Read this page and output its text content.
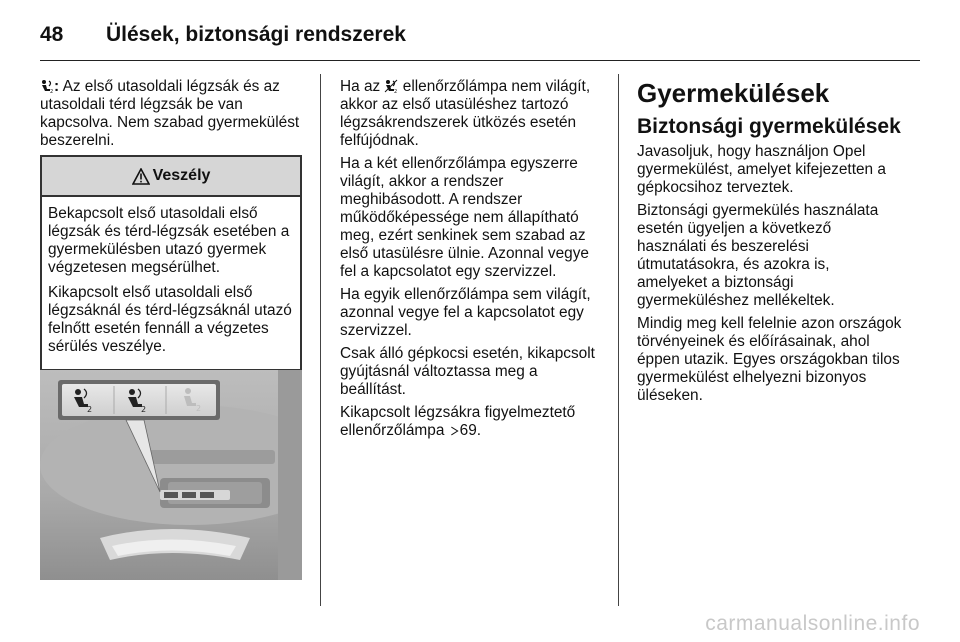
48	Ülések, biztonsági rendszerek

2 : Az első utasoldali légzsák és az utasoldali térd légzsák be van kapcsolva. Nem szabad gyermekülést beszerelni.

Veszély

Bekapcsolt első utasoldali első légzsák és térd-légzsák esetében a gyermekülésben utazó gyermek végzetesen megsérülhet.

Kikapcsolt első utasoldali első légzsáknál és térd-légzsáknál utazó felnőtt esetén fennáll a végzetes sérülés veszélye.

2	2	2

Ha az 2 ellenőrzőlámpa nem világít, akkor az első utasüléshez tartozó légzsákrendszerek ütközés esetén felfújódnak.

Ha a két ellenőrzőlámpa egyszerre világít, akkor a rendszer meghibásodott. A rendszer működőképessége nem állapítható meg, ezért senkinek sem szabad az első utasülésre ülnie. Azonnal vegye fel a kapcsolatot egy szervizzel.

Ha egyik ellenőrzőlámpa sem világít, azonnal vegye fel a kapcsolatot egy szervizzel.

Csak álló gépkocsi esetén, kikapcsolt gyújtásnál változtassa meg a beállítást.

Kikapcsolt légzsákra figyelmeztető ellenőrzőlámpa 69.

Gyermekülések
Biztonsági gyermekülések

Javasoljuk, hogy használjon Opel gyermekülést, amelyet kifejezetten a gépkocsihoz terveztek.

Biztonsági gyermekülés használata esetén ügyeljen a következő használati és beszerelési útmutatásokra, és azokra is, amelyeket a biztonsági gyermeküléshez mellékeltek.

Mindig meg kell felelnie azon országok törvényeinek és előírásainak, ahol éppen utazik. Egyes országokban tilos gyermekülést elhelyezni bizonyos üléseken.

carmanualsonline.info
